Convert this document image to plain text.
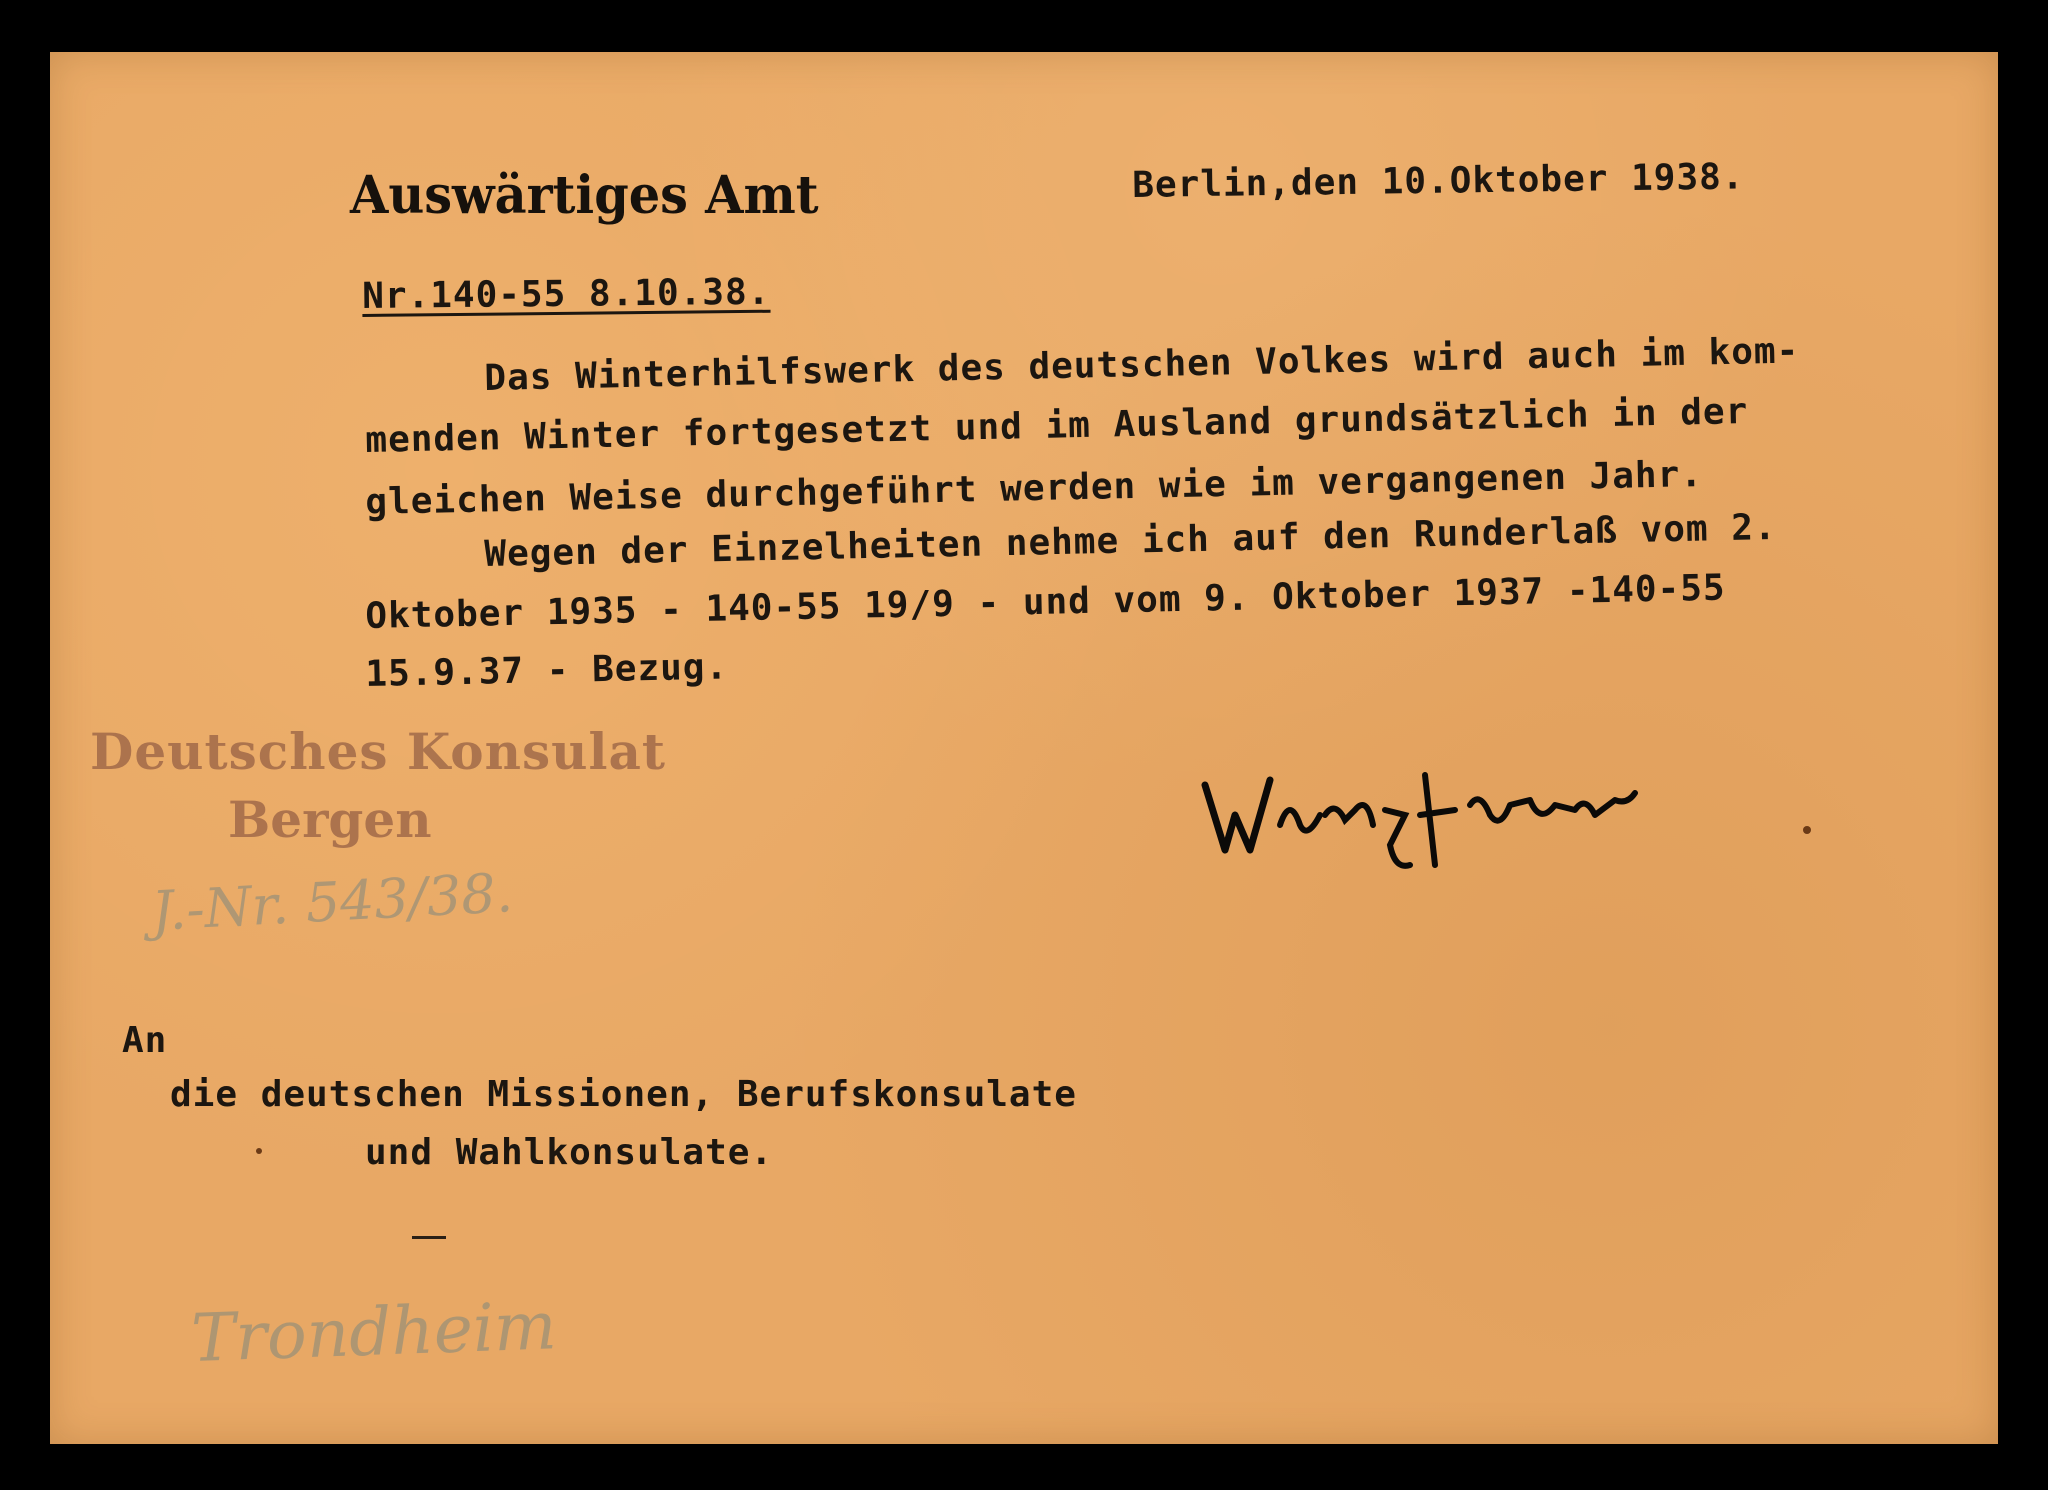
Auswärtiges Amt	Berlin,den 10.Oktober 1938.
Nr.140-55 8.10.38.
Das Winterhilfswerk des deutschen Volkes wird auch im kom-
menden Winter fortgesetzt und im Ausland grundsätzlich in der
gleichen Weise durchgeführt werden wie im vergangenen Jahr.
Wegen der Einzelheiten nehme ich auf den Runderlaß vom 2.
Oktober 1935 - 140-55 19/9 - und vom 9. Oktober 1937 -140-55
15.9.37 - Bezug.
Deutsches Konsulat
Bergen
J.-Nr. 543/38.
An
die deutschen Missionen, Berufskonsulate
und Wahlkonsulate.
Trondheim
